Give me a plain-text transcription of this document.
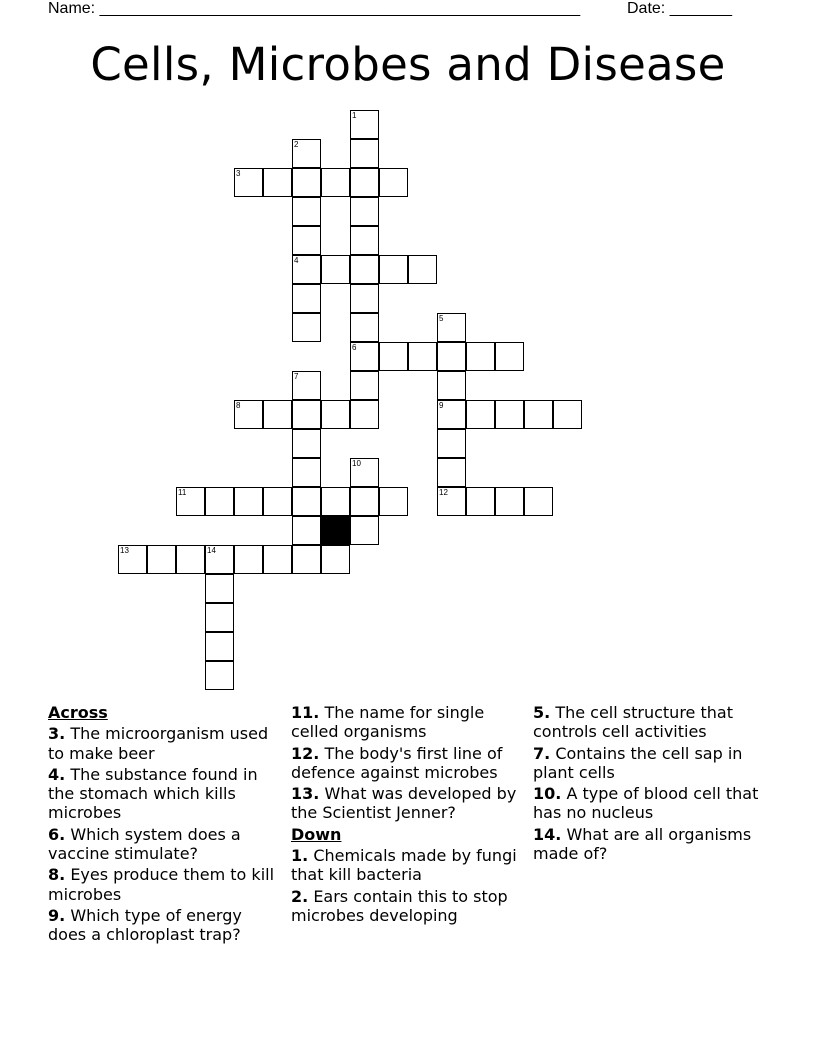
Name: ______________________________________________________	Date: _______
Cells, Microbes and Disease
1
6
2
4
3
5
9
7
8
10
11	12
13	14
Across
3. The microorganism used to make beer
4. The substance found in the stomach which kills microbes
6. Which system does a vaccine stimulate?
8. Eyes produce them to kill microbes
9. Which type of energy does a chloroplast trap?
11. The name for single celled organisms
12. The body's first line of defence against microbes
13. What was developed by the Scientist Jenner?
Down
1. Chemicals made by fungi that kill bacteria
2. Ears contain this to stop microbes developing
5. The cell structure that controls cell activities
7. Contains the cell sap in plant cells
10. A type of blood cell that has no nucleus
14. What are all organisms made of?
